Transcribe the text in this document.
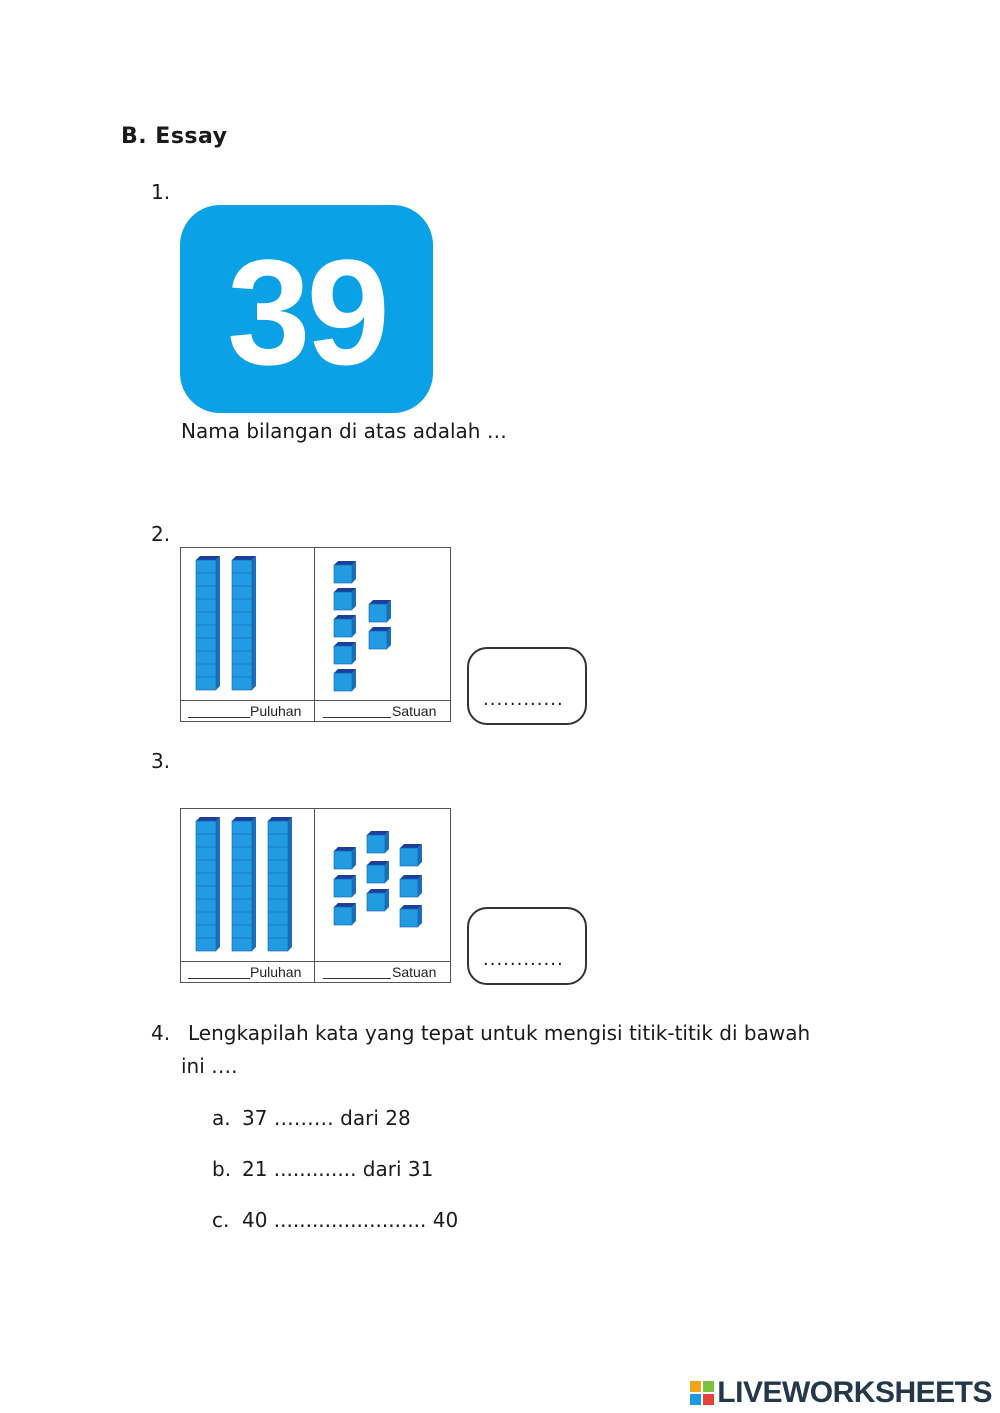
B. Essay
1.
39
Nama bilangan di atas adalah …
2.
Puluhan	Satuan
............
3.
Puluhan	Satuan
............
4. Lengkapilah kata yang tepat untuk mengisi titik-titik di bawah
ini ….
a. 37 ……… dari 28
b. 21 ............. dari 31
c. 40 ........................ 40
LIVEWORKSHEETS
